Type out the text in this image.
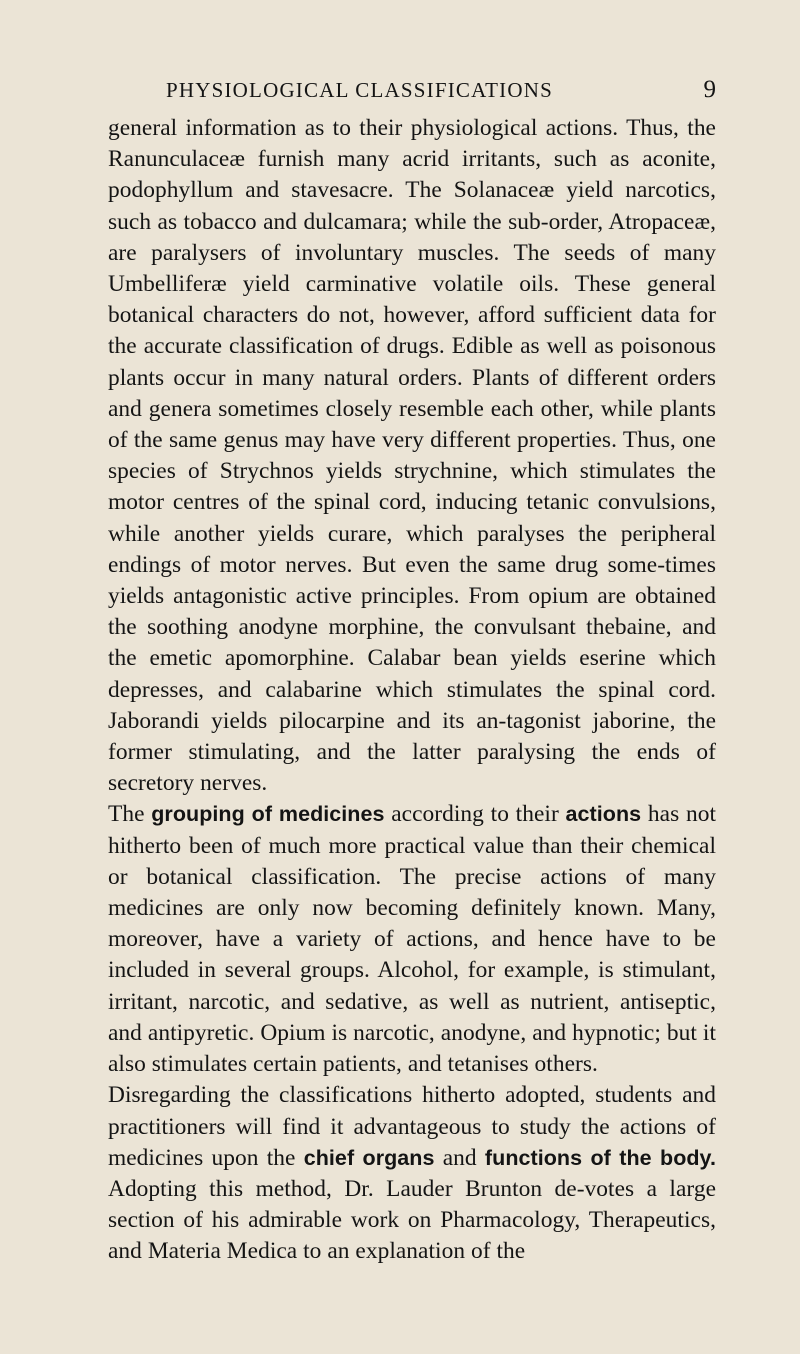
PHYSIOLOGICAL CLASSIFICATIONS	9

general information as to their physiological actions. Thus, the Ranunculaceæ furnish many acrid irritants, such as aconite, podophyllum and stavesacre. The Solanaceæ yield narcotics, such as tobacco and dulcamara; while the sub-order, Atropaceæ, are paralysers of involuntary muscles. The seeds of many Umbelliferæ yield carminative volatile oils. These general botanical characters do not, however, afford sufficient data for the accurate classification of drugs. Edible as well as poisonous plants occur in many natural orders. Plants of different orders and genera sometimes closely resemble each other, while plants of the same genus may have very different properties. Thus, one species of Strychnos yields strychnine, which stimulates the motor centres of the spinal cord, inducing tetanic convulsions, while another yields curare, which paralyses the peripheral endings of motor nerves. But even the same drug some-times yields antagonistic active principles. From opium are obtained the soothing anodyne morphine, the convulsant thebaine, and the emetic apomorphine. Calabar bean yields eserine which depresses, and calabarine which stimulates the spinal cord. Jaborandi yields pilocarpine and its an-tagonist jaborine, the former stimulating, and the latter paralysing the ends of secretory nerves.

The grouping of medicines according to their actions has not hitherto been of much more practical value than their chemical or botanical classification. The precise actions of many medicines are only now becoming definitely known. Many, moreover, have a variety of actions, and hence have to be included in several groups. Alcohol, for example, is stimulant, irritant, narcotic, and sedative, as well as nutrient, antiseptic, and antipyretic. Opium is narcotic, anodyne, and hypnotic; but it also stimulates certain patients, and tetanises others.

Disregarding the classifications hitherto adopted, students and practitioners will find it advantageous to study the actions of medicines upon the chief organs and functions of the body. Adopting this method, Dr. Lauder Brunton de-votes a large section of his admirable work on Pharmacology, Therapeutics, and Materia Medica to an explanation of the
